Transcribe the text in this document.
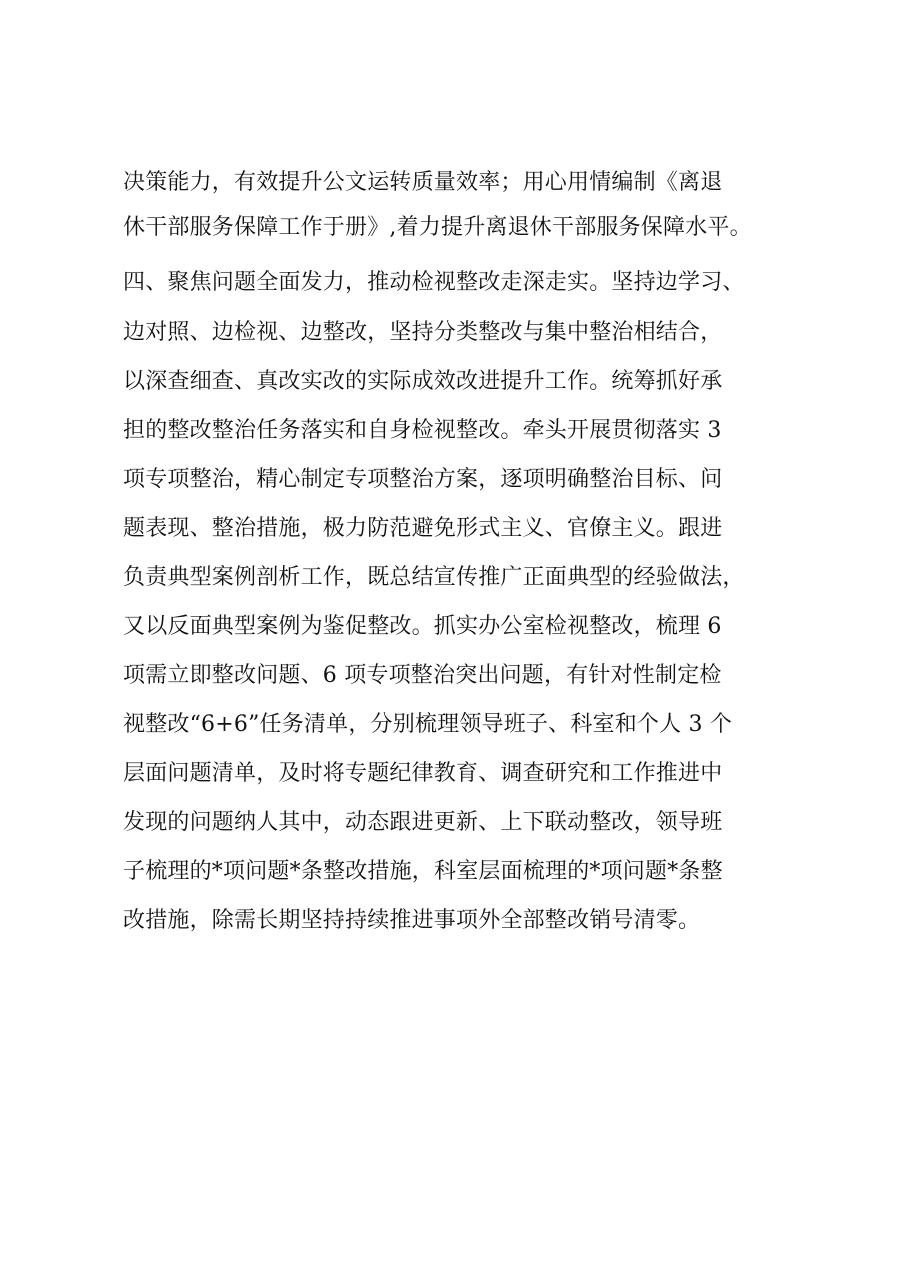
决策能力，有效提升公文运转质量效率；用心用情编制《离退
休干部服务保障工作于册》,着力提升离退休干部服务保障水平。
四、聚焦问题全面发力，推动检视整改走深走实。坚持边学习、
边对照、边检视、边整改，坚持分类整改与集中整治相结合，
以深查细查、真改实改的实际成效改进提升工作。统筹抓好承
担的整改整治任务落实和自身检视整改。牵头开展贯彻落实 3
项专项整治，精心制定专项整治方案，逐项明确整治目标、问
题表现、整治措施，极力防范避免形式主义、官僚主义。跟进
负责典型案例剖析工作，既总结宣传推广正面典型的经验做法，
又以反面典型案例为鉴促整改。抓实办公室检视整改，梳理 6
项需立即整改问题、6 项专项整治突出问题，有针对性制定检
视整改“6+6”任务清单，分别梳理领导班子、科室和个人 3 个
层面问题清单，及时将专题纪律教育、调查研究和工作推进中
发现的问题纳人其中，动态跟进更新、上下联动整改，领导班
子梳理的*项问题*条整改措施，科室层面梳理的*项问题*条整
改措施，除需长期坚持持续推进事项外全部整改销号清零。
